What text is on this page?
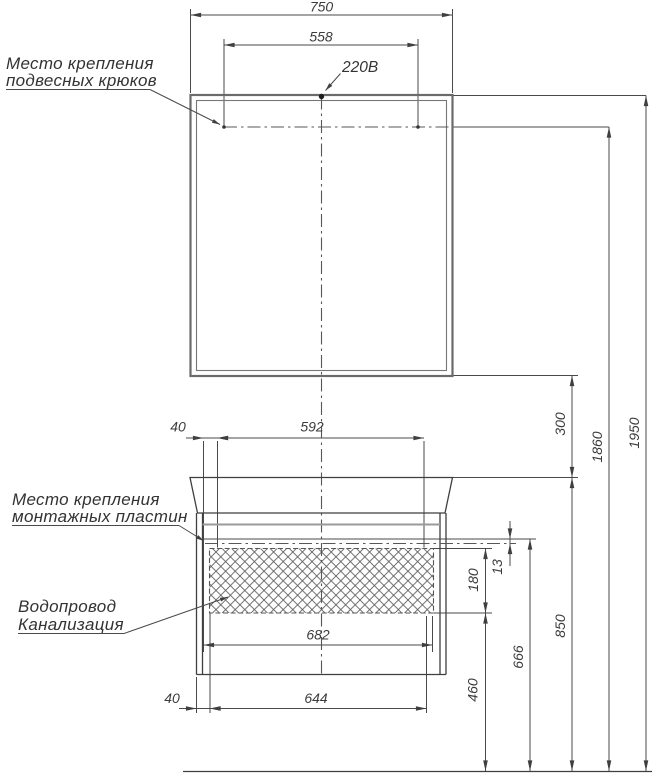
750
558
40	592
682
644
40
1950
1860
300
850
666
180
460
13
220В
Место крепления
подвесных крюков
Место крепления
монтажных пластин
Водопровод
Канализация
